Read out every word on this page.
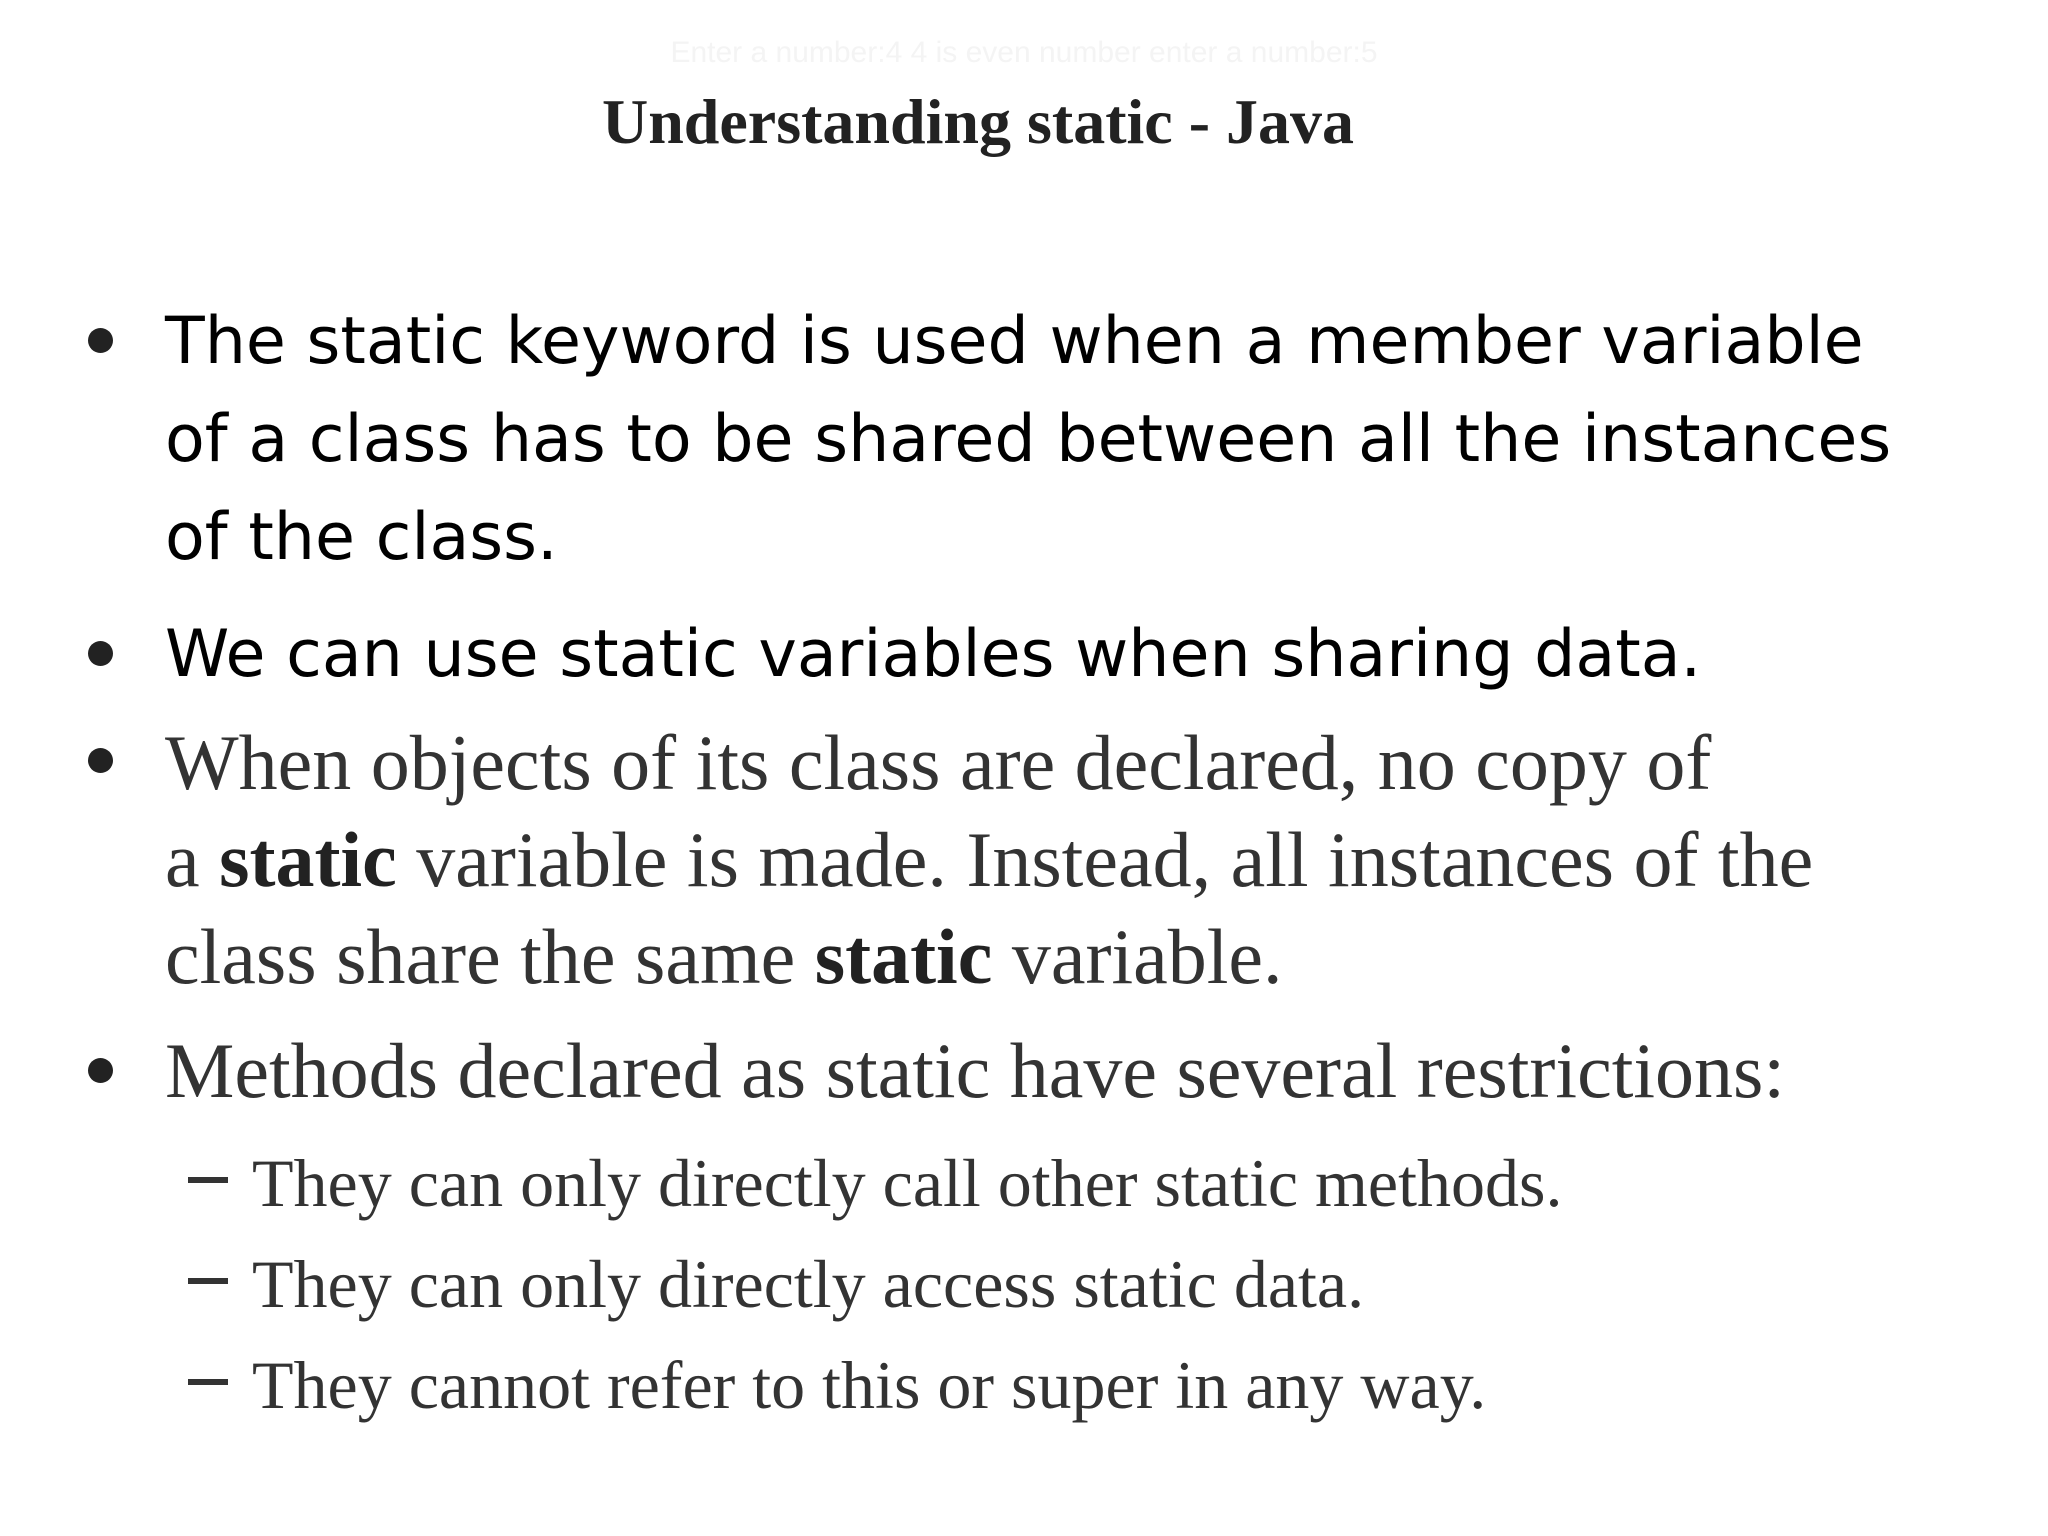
Enter a number:4 4 is even number enter a number:5
Understanding static - Java
The static keyword is used when a member variable
of a class has to be shared between all the instances
of the class.
We can use static variables when sharing data.
When objects of its class are declared, no copy of
a static variable is made. Instead, all instances of the
class share the same static variable.
Methods declared as static have several restrictions:
They can only directly call other static methods.
They can only directly access static data.
They cannot refer to this or super in any way.
